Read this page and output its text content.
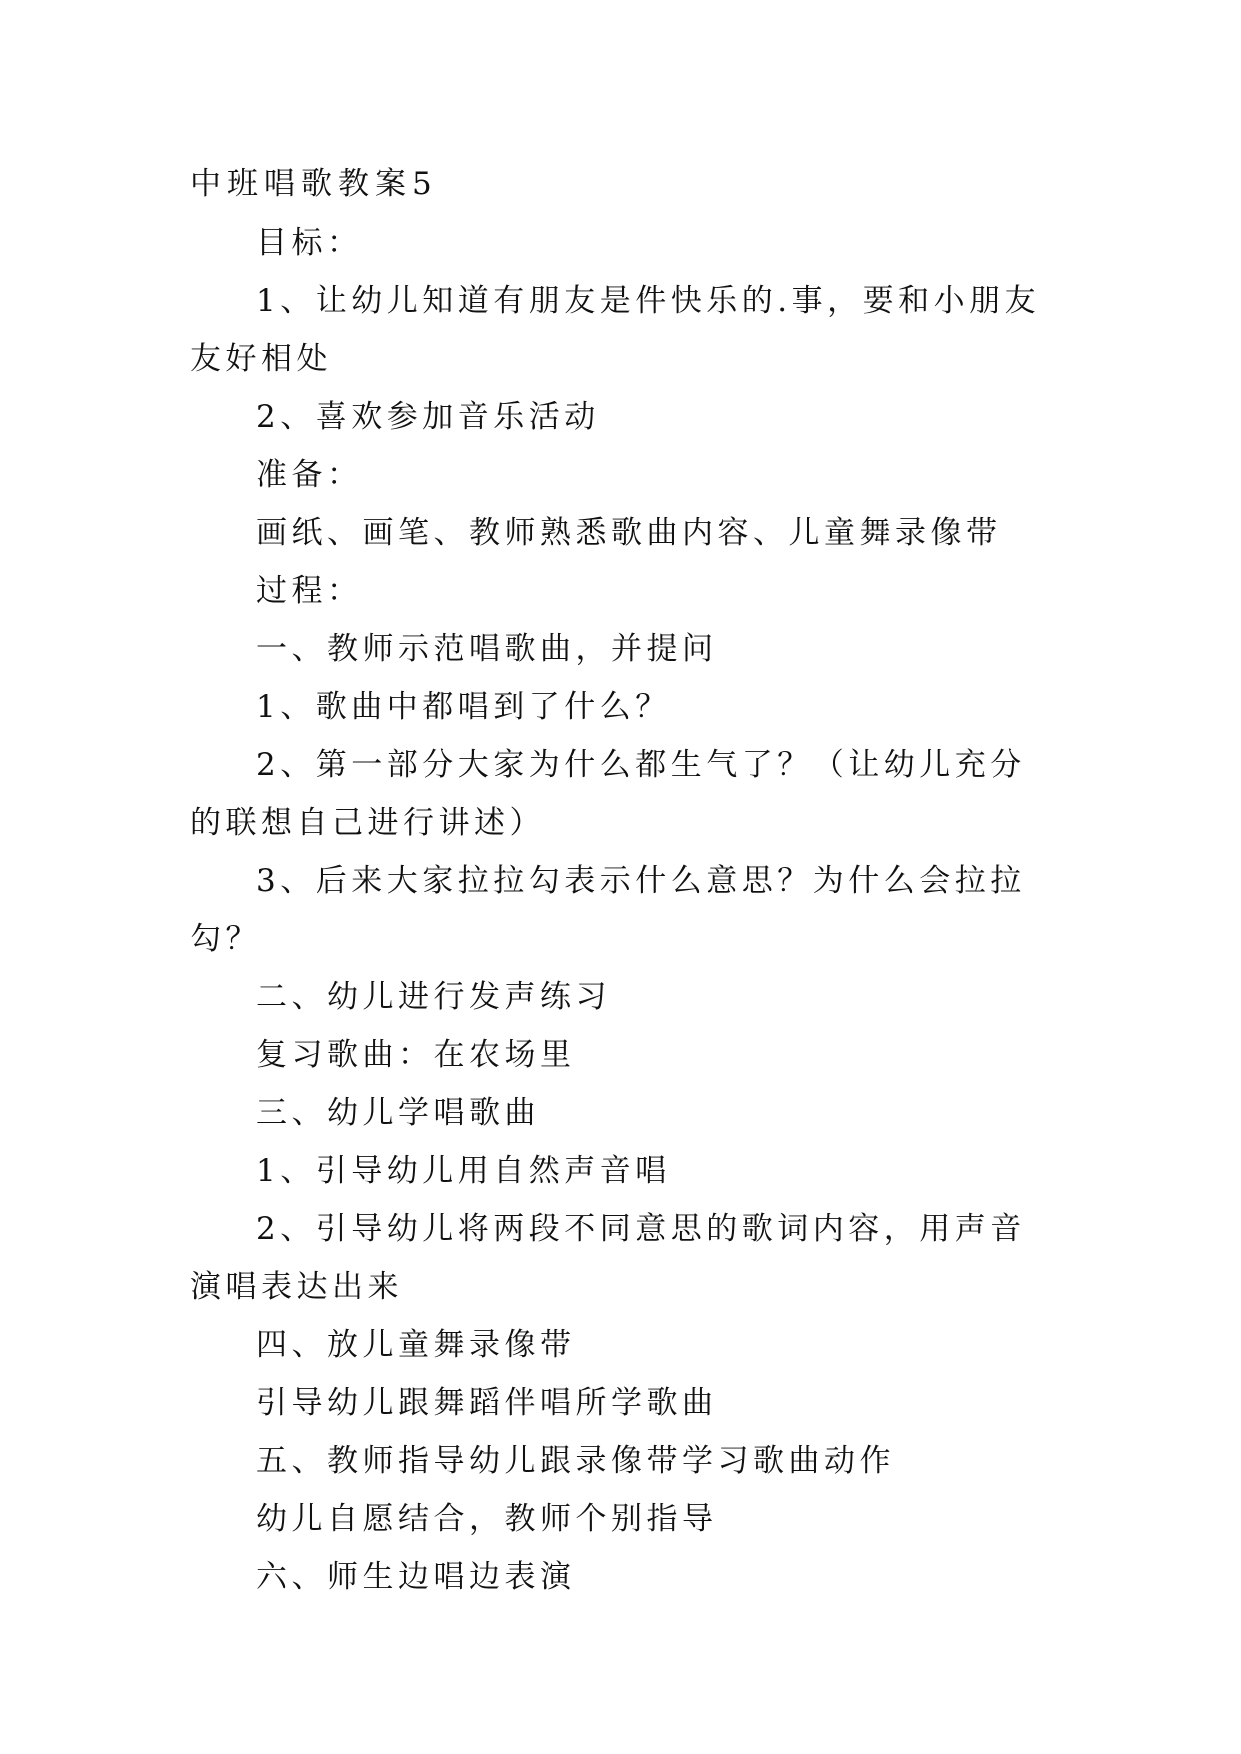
中班唱歌教案5

目标：

1、让幼儿知道有朋友是件快乐的.事，要和小朋友友好相处

2、喜欢参加音乐活动

准备：

画纸、画笔、教师熟悉歌曲内容、儿童舞录像带

过程：

一、教师示范唱歌曲，并提问

1、歌曲中都唱到了什么？

2、第一部分大家为什么都生气了？（让幼儿充分的联想自己进行讲述）

3、后来大家拉拉勾表示什么意思？为什么会拉拉勾？

二、幼儿进行发声练习

复习歌曲：在农场里

三、幼儿学唱歌曲

1、引导幼儿用自然声音唱

2、引导幼儿将两段不同意思的歌词内容，用声音演唱表达出来

四、放儿童舞录像带

引导幼儿跟舞蹈伴唱所学歌曲

五、教师指导幼儿跟录像带学习歌曲动作

幼儿自愿结合，教师个别指导

六、师生边唱边表演
